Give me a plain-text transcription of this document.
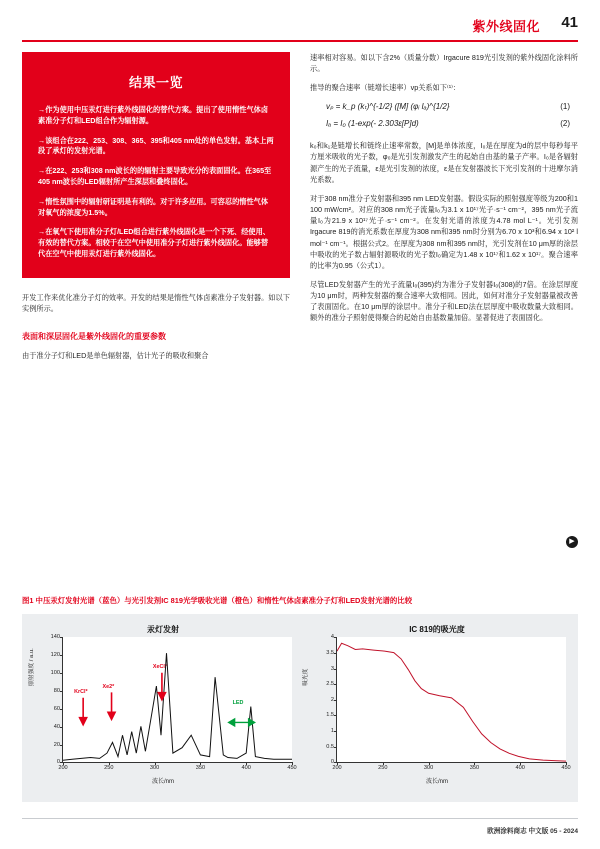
紫外线固化 41
结果一览

→作为使用中压汞灯进行紫外线固化的替代方案。提出了使用惰性气体卤素准分子灯和LED组合作为辐射源。

→该组合在222、253、308、365、395和405 nm处的单色发射。基本上两段了承灯的发射光谱。

→在222、253和308 nm波长的的辐射主要导致光分的表面固化。在365至405 nm波长的LED辐射所产生深层和叠终固化。

→惰性氛围中的辐射研证明是有利的。对于许多应用。可容忍的惰性气体对氧气的浓度为1.5%。

→在氧气下使用准分子灯/LED组合进行紫外线固化是一个下死、经使用、有效的替代方案。相较于在空气中使用准分子灯进行紫外线固化。能够替代在空气中使用汞灯进行紫外线固化。

开发工作来优化准分子灯的效率。开发的结果是惰性气体卤素准分子发射器。如以下实例所示。

表面和深层固化是紫外线固化的重要参数

由于准分子灯和LED是单色辐射器，估计光子的吸收和聚合

速率相对容易。如以下含2%（质量分数）Irgacure 819光引发剂的紫外线固化涂料所示。

推导的聚合速率（链增长速率）vp关系如下⁽¹⁾：

vₚ = k_p (kₜ)^{-1/2} ([M] (φᵢ Iₐ)^{1/2}	(1)
Iₐ = I₀ (1-exp(- 2.303ε[P]d)	(2)

k₀和k₁是链增长和链终止速率常数，[M]是单体浓度，I₀是在厚度为d的层中每秒每平方厘米吸收的光子数，φ₀是光引发剂激发产生的起始自由基的量子产率。I₀是各辐射源产生的光子流量，ε是光引发剂的浓度，ε是在发射器波长下光引发剂的十进摩尔消光系数。

对于308 nm准分子发射器和395 nm LED发射器。假设实际的照射强度等级为200和1 100 mW/cm²。对应的308 nm光子流量I₀为3.1 x 10¹⁷光子·s⁻¹ cm⁻²，395 nm光子流量I₀为21.9 x 10¹⁷光子·s⁻¹ cm⁻²。在发射光谱的浓度为4.78 mol L⁻¹。光引发剂Irgacure 819的消光系数在厚度为308 nm和395 nm时分别为6.70 x 10³和6.94 x 10² l mol⁻¹ cm⁻¹。根据公式2。在厚度为308 nm和395 nm时，光引发剂在10 μm厚的涂层中吸收的光子数占辐射源吸收的光子数I₀确定为1.48 x 10¹⁷和1.62 x 10¹⁷。聚合速率的比率为0.95（公式1）。

尽管LED发射器产生的光子流量I₀(395)约为准分子发射器I₀(308)的7倍。在涂层厚度为10 μm时，两种发射器的聚合速率大致相同。因此，如何对准分子发射器量被改善了表面固化。在10 μm厚的涂层中。准分子和LED法在层厚度中吸收数量大致相同。额外的准分子照射使得聚合的起始自由基数量加倍。显著促进了表面固化。

▶
图1 中压汞灯发射光谱（蓝色）与光引发剂IC 819光学吸收光谱（橙色）和惰性气体卤素准分子灯和LED发射光谱的比较
汞灯发射
0
20
40
60
80
100
120
140
200	250	300	350	400	450
KrCl*
Xe2*
XeCl*
LED
照射强度 / a.u.
波长/nm
IC 819的吸光度
0
0.5
1
1.5
2
2.5
3
3.5
4
200	250	300	350	400	450
吸光度
波长/nm
欧洲涂料商志 中文版 05 - 2024
